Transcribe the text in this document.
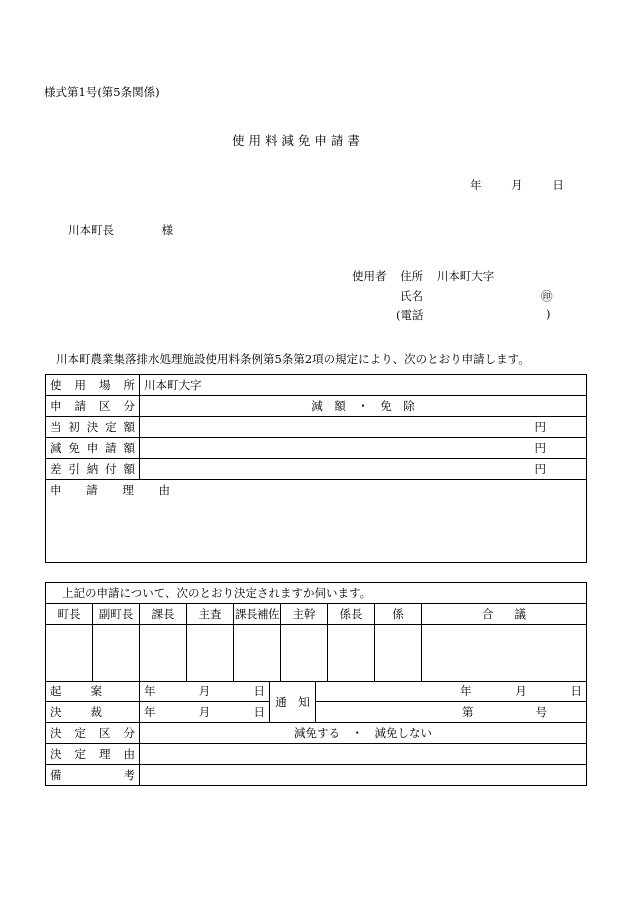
様式第1号(第5条関係)
使 用 料 減 免 申 請 書
年	月	日
川本町長	様
使用者 住所 川本町大字
氏名	㊞
(電話	)
川本町農業集落排水処理施設使用料条例第5条第2項の規定により、次のとおり申請します。
使 用 場 所	川本町大字

申 請 区 分	減　額　・　免　除

当 初 決 定 額	円

減 免 申 請 額	円

差 引 納 付 額	円

申 請 理 由	
上記の申請について、次のとおり決定されますか伺います。								
町長	副町長	課長	主査	課長補佐	主幹	係長	係	合 議

起 案	年 月 日	通　知	年 月 日

決 裁	年 月 日		第 号

決 定 区 分	減免する　・　減免しない		

決 定 理 由			

備 考			
